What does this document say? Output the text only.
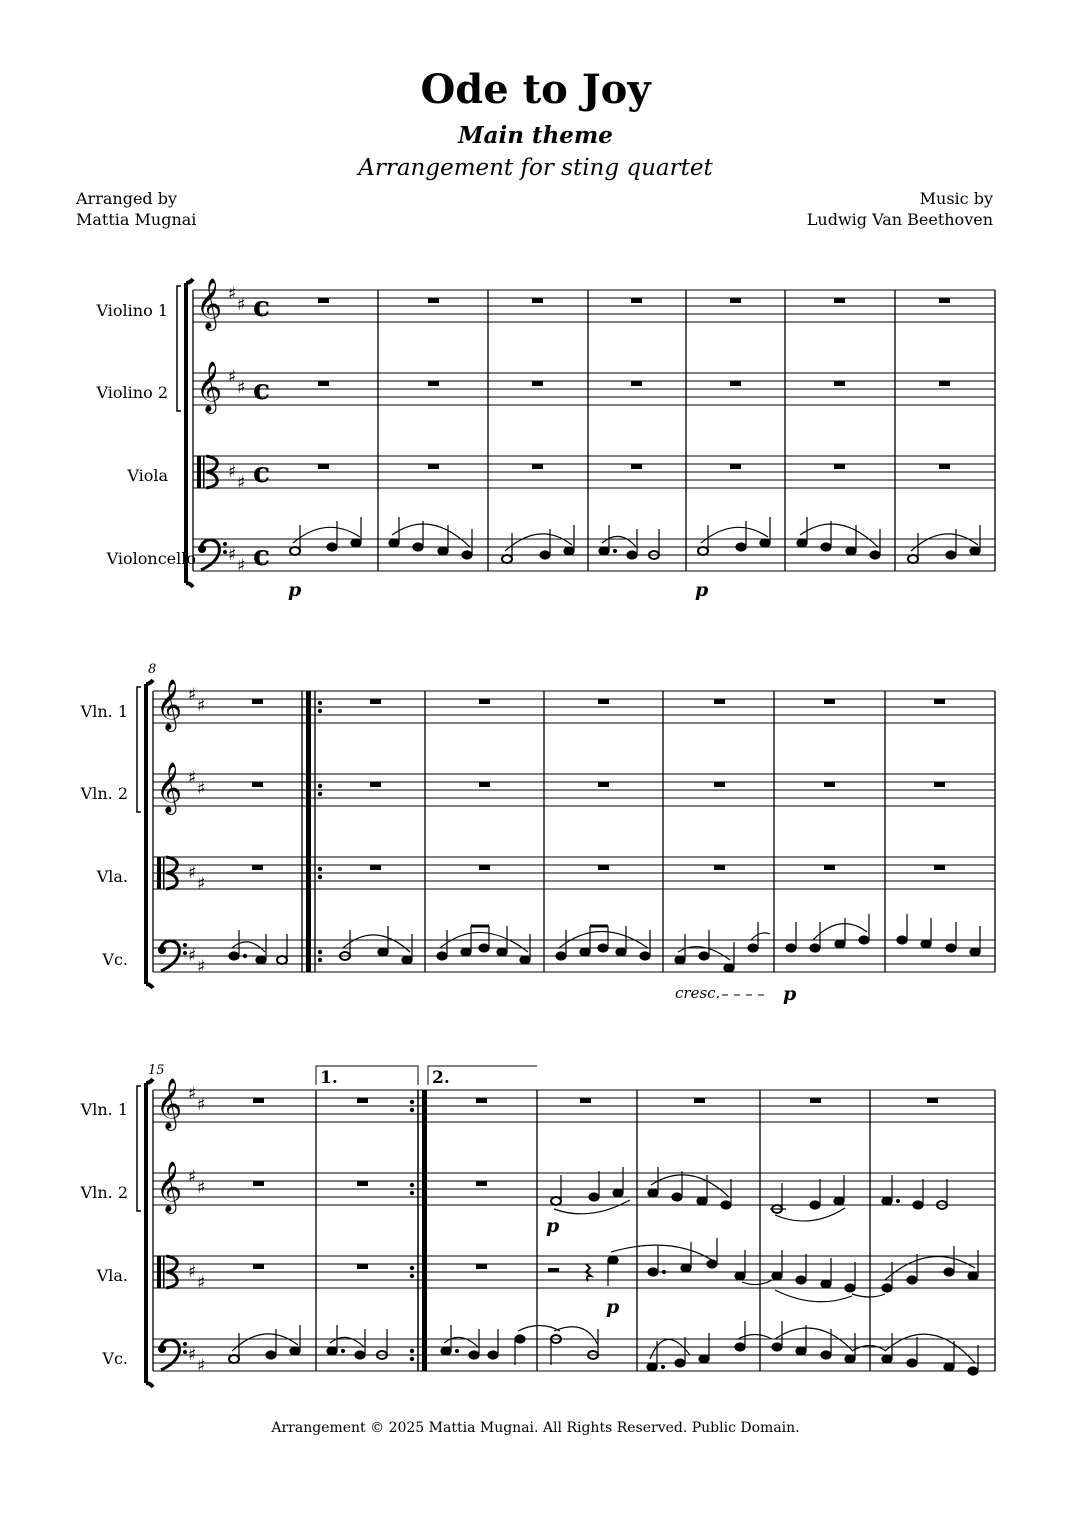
Ode to Joy
Main theme
Arrangement for sting quartet
Arranged by
Mattia Mugnai
Music by
Ludwig Van Beethoven
Violino 1
Violino 2
Viola
Violoncello
𝄞
𝄞
♯
♯
♯
♯
♯
♯
♯
♯
c
c
c
c
p	p
8
Vln. 1
Vln. 2
Vla.
Vc.
𝄞
𝄞
♯
♯
♯
♯
♯
♯
♯
♯
cresc.	p
15
Vln. 1
Vln. 2
Vla.
Vc.
1.	2.
𝄞
𝄞
♯
♯
♯
♯
♯
♯
♯
♯
p
p
Arrangement © 2025 Mattia Mugnai. All Rights Reserved. Public Domain.
